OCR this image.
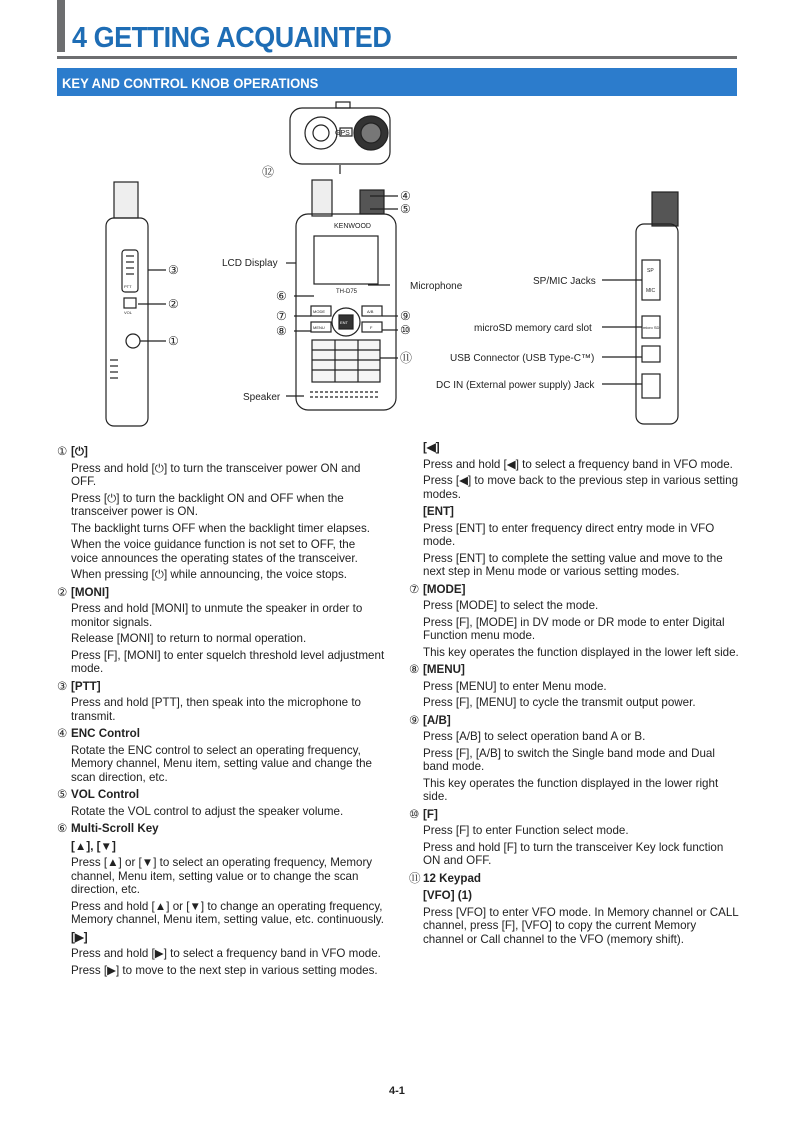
4 GETTING ACQUAINTED
KEY AND CONTROL KNOB OPERATIONS
KENWOOD
TH-D75
GPS
SP
MIC
micro SD
PTT
VOL
ENT
MODE
MENU
A/B
F
①
②
③
④
⑤
⑥
⑦
⑧
⑨
⑩
⑪
⑫
LCD Display
Microphone
Speaker
SP/MIC Jacks
microSD memory card slot
USB Connector (USB Type-C™)
DC IN (External power supply) Jack
① [⏻]
Press and hold [⏻] to turn the transceiver power ON and OFF.
Press [⏻] to turn the backlight ON and OFF when the transceiver power is ON.
The backlight turns OFF when the backlight timer elapses.
When the voice guidance function is not set to OFF, the voice announces the operating states of the transceiver.
When pressing [⏻] while announcing, the voice stops.
② [MONI]
Press and hold [MONI] to unmute the speaker in order to monitor signals.
Release [MONI] to return to normal operation.
Press [F], [MONI] to enter squelch threshold level adjustment mode.
③ [PTT]
Press and hold [PTT], then speak into the microphone to transmit.
④ ENC Control
Rotate the ENC control to select an operating frequency, Memory channel, Menu item, setting value and change the scan direction, etc.
⑤ VOL Control
Rotate the VOL control to adjust the speaker volume.
⑥ Multi-Scroll Key
[▲], [▼]
Press [▲] or [▼] to select an operating frequency, Memory channel, Menu item, setting value or to change the scan direction, etc.
Press and hold [▲] or [▼] to change an operating frequency, Memory channel, Menu item, setting value, etc. continuously.
[▶]
Press and hold [▶] to select a frequency band in VFO mode.
Press [▶] to move to the next step in various setting modes.
[◀]
Press and hold [◀] to select a frequency band in VFO mode.
Press [◀] to move back to the previous step in various setting modes.
[ENT]
Press [ENT] to enter frequency direct entry mode in VFO mode.
Press [ENT] to complete the setting value and move to the next step in Menu mode or various setting modes.
⑦ [MODE]
Press [MODE] to select the mode.
Press [F], [MODE] in DV mode or DR mode to enter Digital Function menu mode.
This key operates the function displayed in the lower left side.
⑧ [MENU]
Press [MENU] to enter Menu mode.
Press [F], [MENU] to cycle the transmit output power.
⑨ [A/B]
Press [A/B] to select operation band A or B.
Press [F], [A/B] to switch the Single band mode and Dual band mode.
This key operates the function displayed in the lower right side.
⑩ [F]
Press [F] to enter Function select mode.
Press and hold [F] to turn the transceiver Key lock function ON and OFF.
⑪ 12 Keypad
[VFO] (1)
Press [VFO] to enter VFO mode. In Memory channel or CALL channel, press [F], [VFO] to copy the current Memory channel or Call channel to the VFO (memory shift).
4-1
